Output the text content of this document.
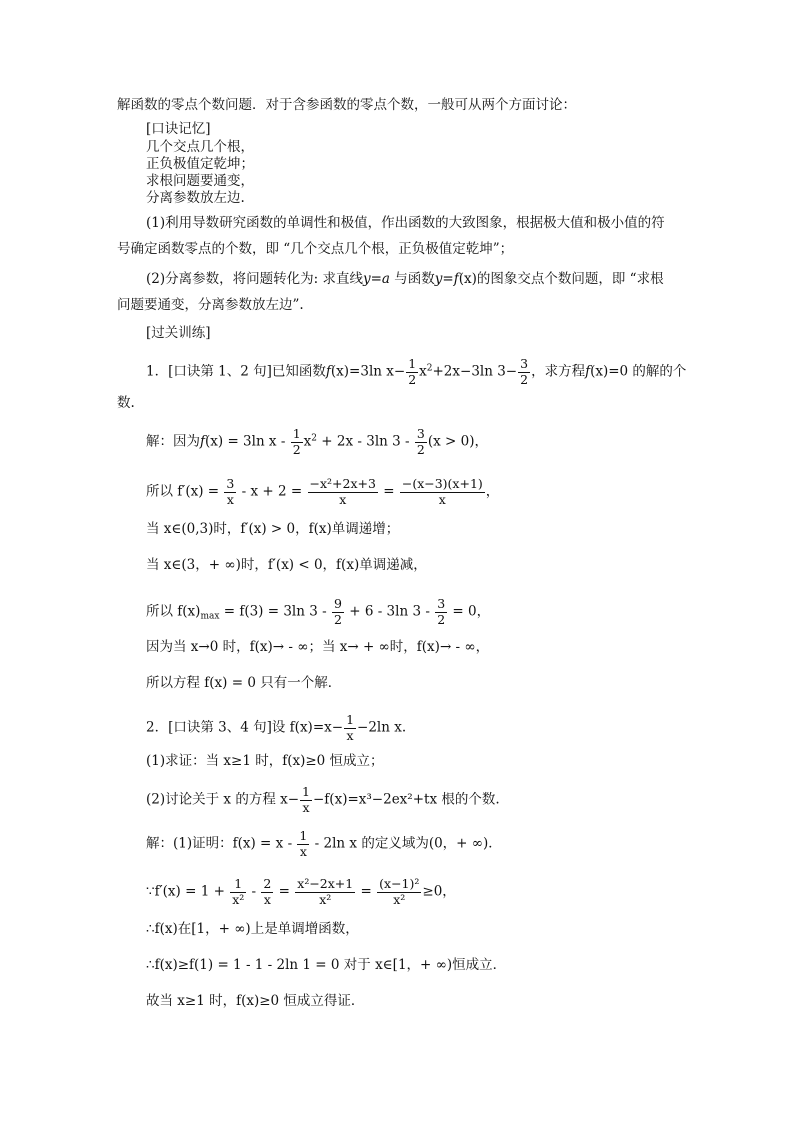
解函数的零点个数问题．对于含参函数的零点个数，一般可从两个方面讨论：
[口诀记忆]
几个交点几个根，
正负极值定乾坤；
求根问题要通变，
分离参数放左边.
(1)利用导数研究函数的单调性和极值，作出函数的大致图象，根据极大值和极小值的符
号确定函数零点的个数，即 “几个交点几个根，正负极值定乾坤”；
(2)分离参数，将问题转化为: 求直线y=a 与函数y=f(x)的图象交点个数问题，即 “求根
问题要通变，分离参数放左边”.
[过关训练]
1．[口诀第 1、2 句]已知函数f(x)=3ln $x- \frac{1}{2} x^2+2x-3\ln$ $3- \frac{3}{2}$ ，求方程f(x)=0 的解的个
数.
解：因为f(x) = 3ln $x - \frac{1}{2} x^2 + 2x - 3\ln$ $3 - \frac{3}{2} (x > 0)$，
所以 $f'(x) = \frac{3}{x} - x + 2 = \frac{\text{−x²+2x+3}}{x} = \frac{-(x-3)(x+1)}{x}$ ，
当 x∈(0,3)时，f′(x) > 0，f(x)单调递增；
当 x∈(3，+ ∞)时，f′(x) < 0，f(x)单调递减，
所以 $f(x)_{max} = f(3) = 3\ln$ $3 - \frac{9}{2} + 6 - 3\ln$ $3 - \frac{3}{2} = 0$，
因为当 x→0 时，f(x)→ - ∞；当 x→ + ∞时，f(x)→ - ∞，
所以方程 f(x) = 0 只有一个解．
2．[口诀第 3、4 句]设 $f(x)=x- \frac{1}{x} -2\ln$ x.
(1)求证：当 x≥1 时，f(x)≥0 恒成立；
(2)讨论关于 x 的方程 $x- \frac{1}{x} -f(x)=x^3-2ex^2+tx$ 根的个数.
解：(1)证明：$f(x) = x - \frac{1}{x} - 2\ln$ x 的定义域为(0，+ ∞)．
∵f′(x) = $1 + \frac{1}{\text{x²}} - \frac{2}{x} = \frac{\text{x²−2x+1}}{\text{x²}} = \frac{\text{(x−1)²}}{\text{x²}} \ge 0$，
∴f(x)在[1，+ ∞)上是单调增函数，
∴f(x)≥f(1) = 1 - 1 - 2ln 1 = 0 对于 x∈[1，+ ∞)恒成立．
故当 x≥1 时，f(x)≥0 恒成立得证．
